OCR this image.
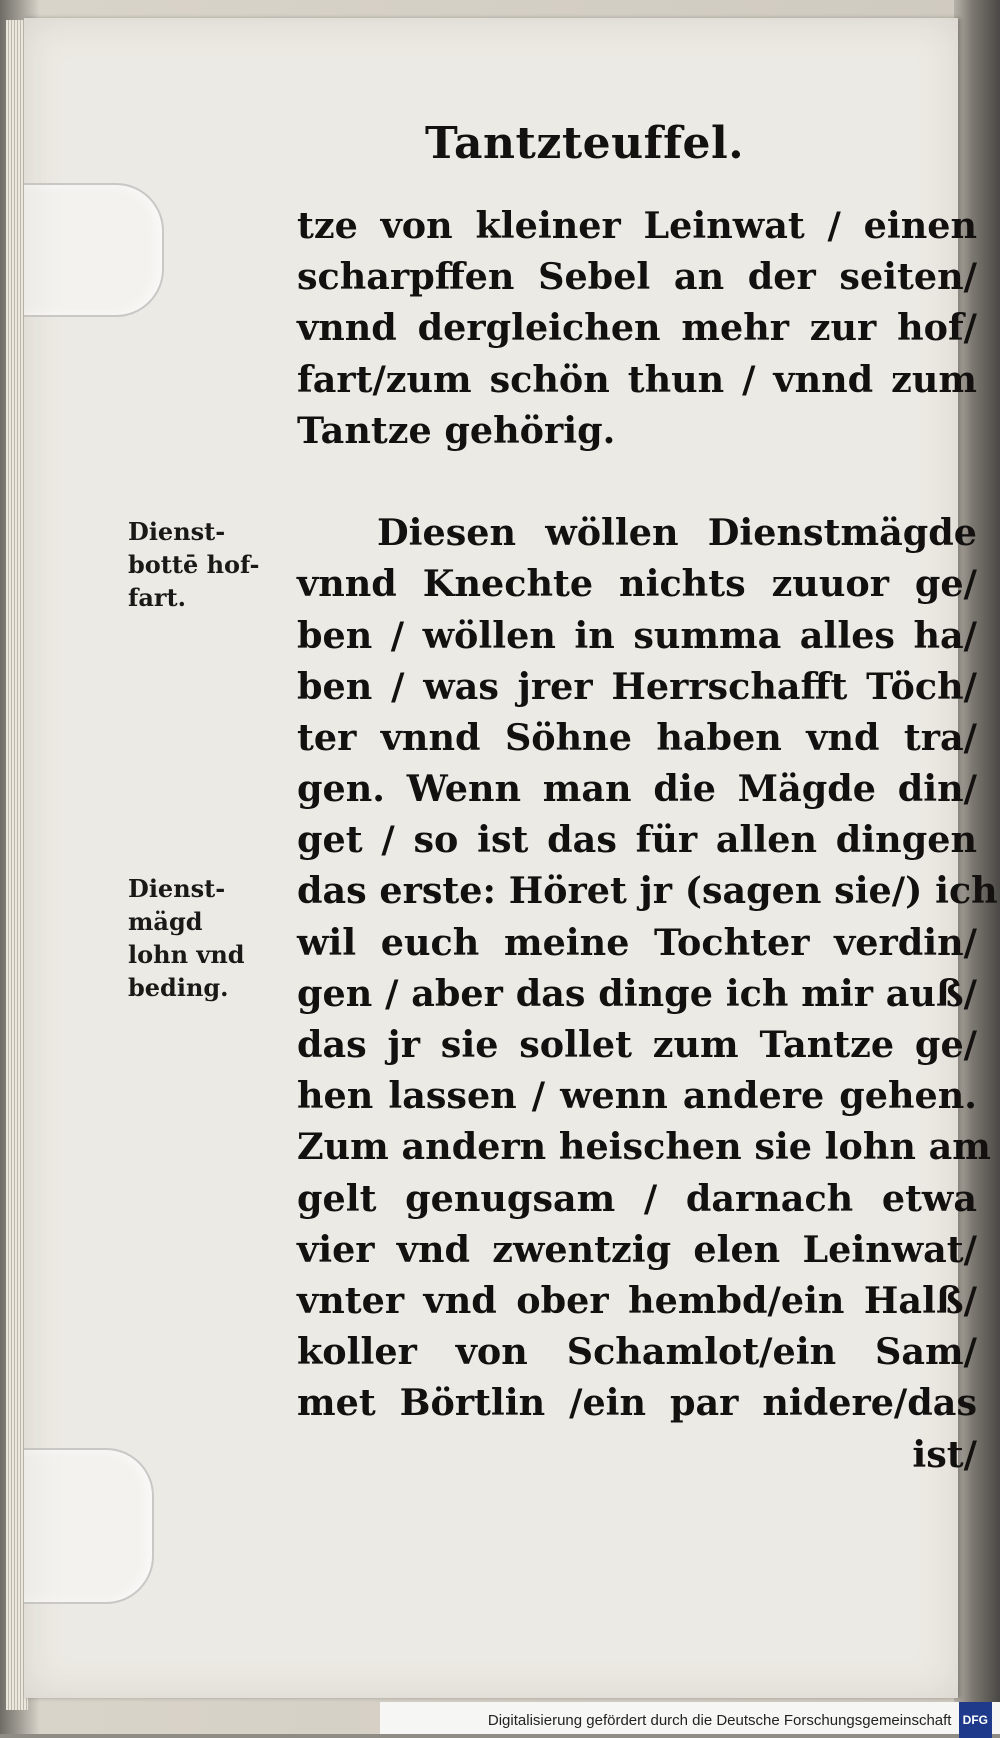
Tantzteuffel.
tze von kleiner Leinwat / einen
scharpffen Sebel an der seiten/
vnnd dergleichen mehr zur hof/
fart/zum schön thun / vnnd zum
Tantze gehörig.
Diesen wöllen Dienstmägde
vnnd Knechte nichts zuuor ge/
ben / wöllen in summa alles ha/
ben / was jrer Herrschafft Töch/
ter vnnd Söhne haben vnd tra/
gen. Wenn man die Mägde din/
get / so ist das für allen dingen
das erste: Höret jr (sagen sie/) ich
wil euch meine Tochter verdin/
gen / aber das dinge ich mir auß/
das jr sie sollet zum Tantze ge/
hen lassen / wenn andere gehen.
Zum andern heischen sie lohn am
gelt genugsam / darnach etwa
vier vnd zwentzig elen Leinwat/
vnter vnd ober hembd/ein Halß/
koller von Schamlot/ein Sam/
met Börtlin /ein par nidere/das
ist/
Dienst-
bottē hof-
fart.
Dienst-
mägd
lohn vnd
beding.
Digitalisierung gefördert durch die Deutsche Forschungsgemeinschaft DFG
